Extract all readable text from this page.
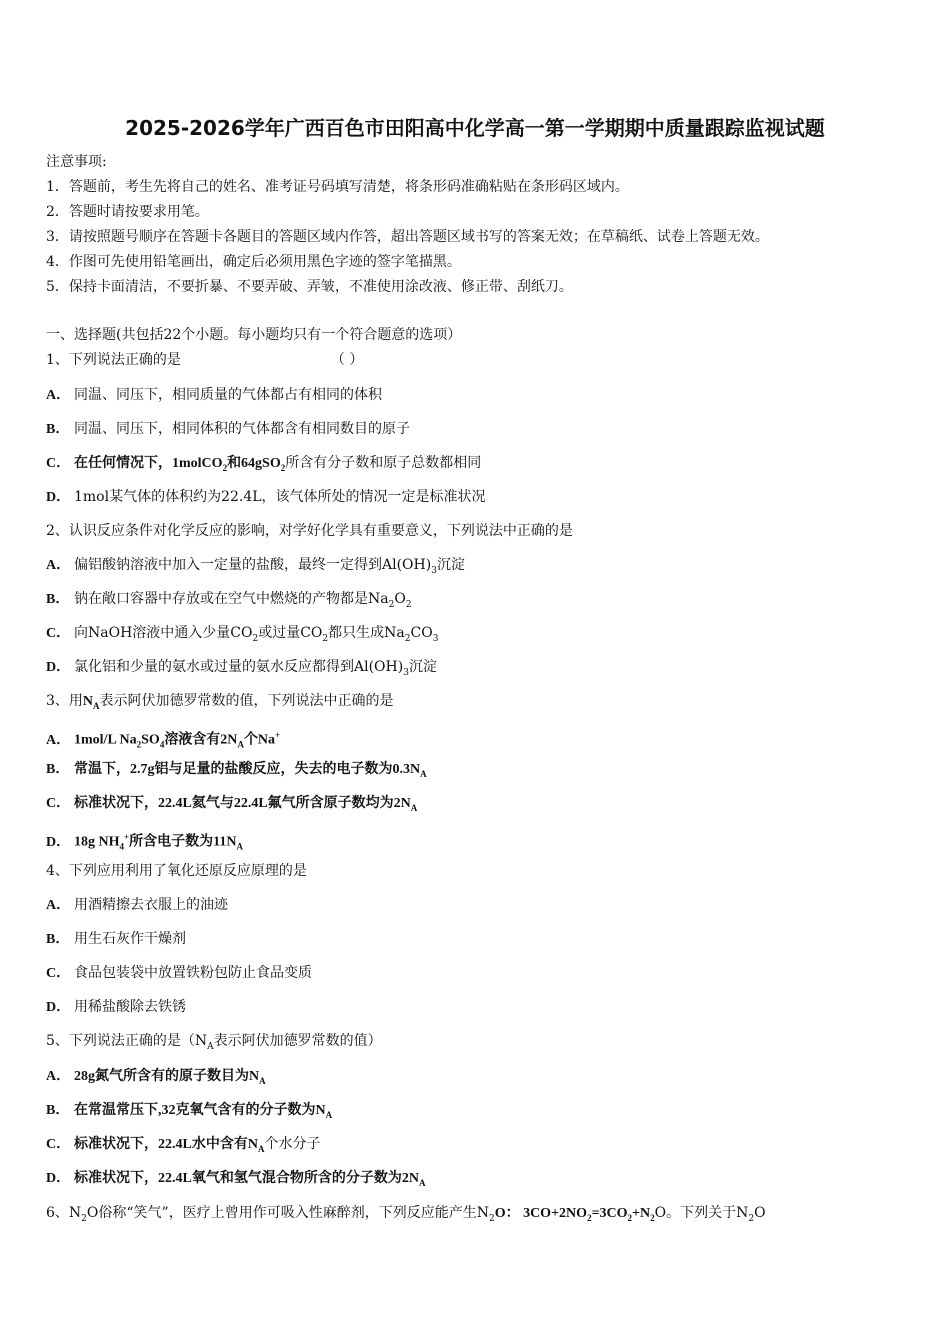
2025-2026学年广西百色市田阳高中化学高一第一学期期中质量跟踪监视试题
注意事项:
1．答题前，考生先将自己的姓名、准考证号码填写清楚，将条形码准确粘贴在条形码区域内。
2．答题时请按要求用笔。
3．请按照题号顺序在答题卡各题目的答题区域内作答，超出答题区域书写的答案无效；在草稿纸、试卷上答题无效。
4．作图可先使用铅笔画出，确定后必须用黑色字迹的签字笔描黑。
5．保持卡面清洁，不要折暴、不要弄破、弄皱，不准使用涂改液、修正带、刮纸刀。
一、选择题(共包括22个小题。每小题均只有一个符合题意的选项）
1、下列说法正确的是	（ ）
A． 同温、同压下，相同质量的气体都占有相同的体积
B． 同温、同压下，相同体积的气体都含有相同数目的原子
C． 在任何情况下，1molCO$_2$和64gSO$_2$所含有分子数和原子总数都相同
D． 1mol某气体的体积约为22.4L，该气体所处的情况一定是标准状况
2、认识反应条件对化学反应的影响，对学好化学具有重要意义，下列说法中正确的是
A． 偏铝酸钠溶液中加入一定量的盐酸，最终一定得到$Al(OH)_3$沉淀
B． 钠在敞口容器中存放或在空气中燃烧的产物都是$Na_2O_2$
C． 向NaOH溶液中通入少量$CO_2$或过量$CO_2$都只生成$Na_2CO_3$
D． 氯化铝和少量的氨水或过量的氨水反应都得到$Al(OH)_3$沉淀
3、用$N_A$表示阿伏加德罗常数的值，下列说法中正确的是
A． 1mol/L $Na_2SO_4$溶液含有$2N_A$个Na+
B． 常温下，2.7g铝与足量的盐酸反应，失去的电子数为$0.3N_A$
C． 标准状况下，22.4L氦气与22.4L氟气所含原子数均为$2N_A$
D． 18g $NH_4^+$所含电子数为$11N_A$
4、下列应用利用了氧化还原反应原理的是
A． 用酒精擦去衣服上的油迹
B． 用生石灰作干燥剂
C． 食品包装袋中放置铁粉包防止食品变质
D． 用稀盐酸除去铁锈
5、下列说法正确的是（$N_A$表示阿伏加德罗常数的值）
A． 28g氮气所含有的原子数目为$N_A$
B． 在常温常压下,32克氧气含有的分子数为$N_A$
C． 标准状况下，22.4L水中含有$N_A$个水分子
D． 标准状况下，22.4L氧气和氢气混合物所含的分子数为$2N_A$
6、$N_2O$俗称“笑气”，医疗上曾用作可吸入性麻醉剂，下列反应能产生$N_2O$： $3CO+2NO_2=3CO_2+N_2O$。下列关于$N_2O$
